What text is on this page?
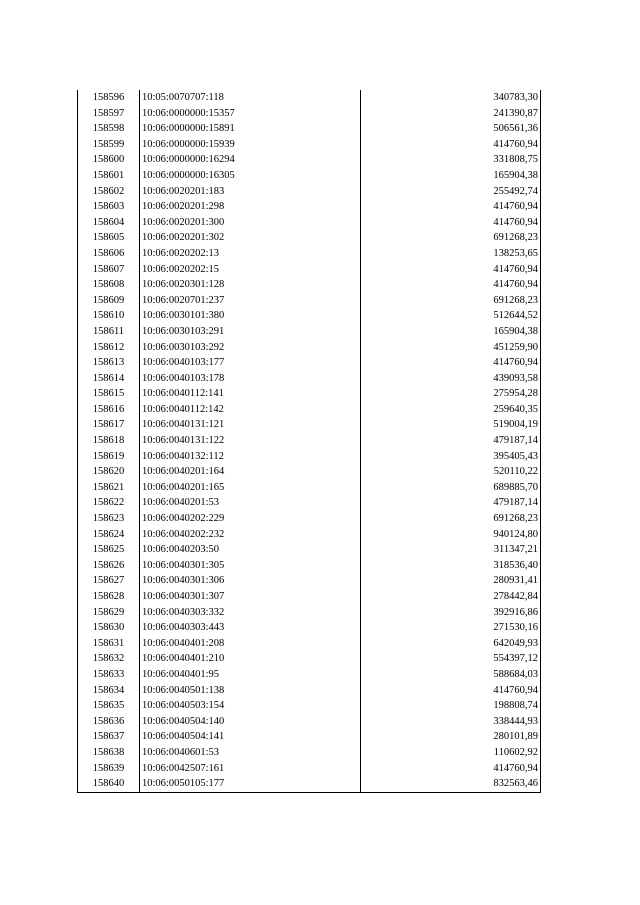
158596	10:05:0070707:118	340783,30
158597	10:06:0000000:15357	241390,87
158598	10:06:0000000:15891	506561,36
158599	10:06:0000000:15939	414760,94
158600	10:06:0000000:16294	331808,75
158601	10:06:0000000:16305	165904,38
158602	10:06:0020201:183	255492,74
158603	10:06:0020201:298	414760,94
158604	10:06:0020201:300	414760,94
158605	10:06:0020201:302	691268,23
158606	10:06:0020202:13	138253,65
158607	10:06:0020202:15	414760,94
158608	10:06:0020301:128	414760,94
158609	10:06:0020701:237	691268,23
158610	10:06:0030101:380	512644,52
158611	10:06:0030103:291	165904,38
158612	10:06:0030103:292	451259,90
158613	10:06:0040103:177	414760,94
158614	10:06:0040103:178	439093,58
158615	10:06:0040112:141	275954,28
158616	10:06:0040112:142	259640,35
158617	10:06:0040131:121	519004,19
158618	10:06:0040131:122	479187,14
158619	10:06:0040132:112	395405,43
158620	10:06:0040201:164	520110,22
158621	10:06:0040201:165	689885,70
158622	10:06:0040201:53	479187,14
158623	10:06:0040202:229	691268,23
158624	10:06:0040202:232	940124,80
158625	10:06:0040203:50	311347,21
158626	10:06:0040301:305	318536,40
158627	10:06:0040301:306	280931,41
158628	10:06:0040301:307	278442,84
158629	10:06:0040303:332	392916,86
158630	10:06:0040303:443	271530,16
158631	10:06:0040401:208	642049,93
158632	10:06:0040401:210	554397,12
158633	10:06:0040401:95	588684,03
158634	10:06:0040501:138	414760,94
158635	10:06:0040503:154	198808,74
158636	10:06:0040504:140	338444,93
158637	10:06:0040504:141	280101,89
158638	10:06:0040601:53	110602,92
158639	10:06:0042507:161	414760,94
158640	10:06:0050105:177	832563,46
